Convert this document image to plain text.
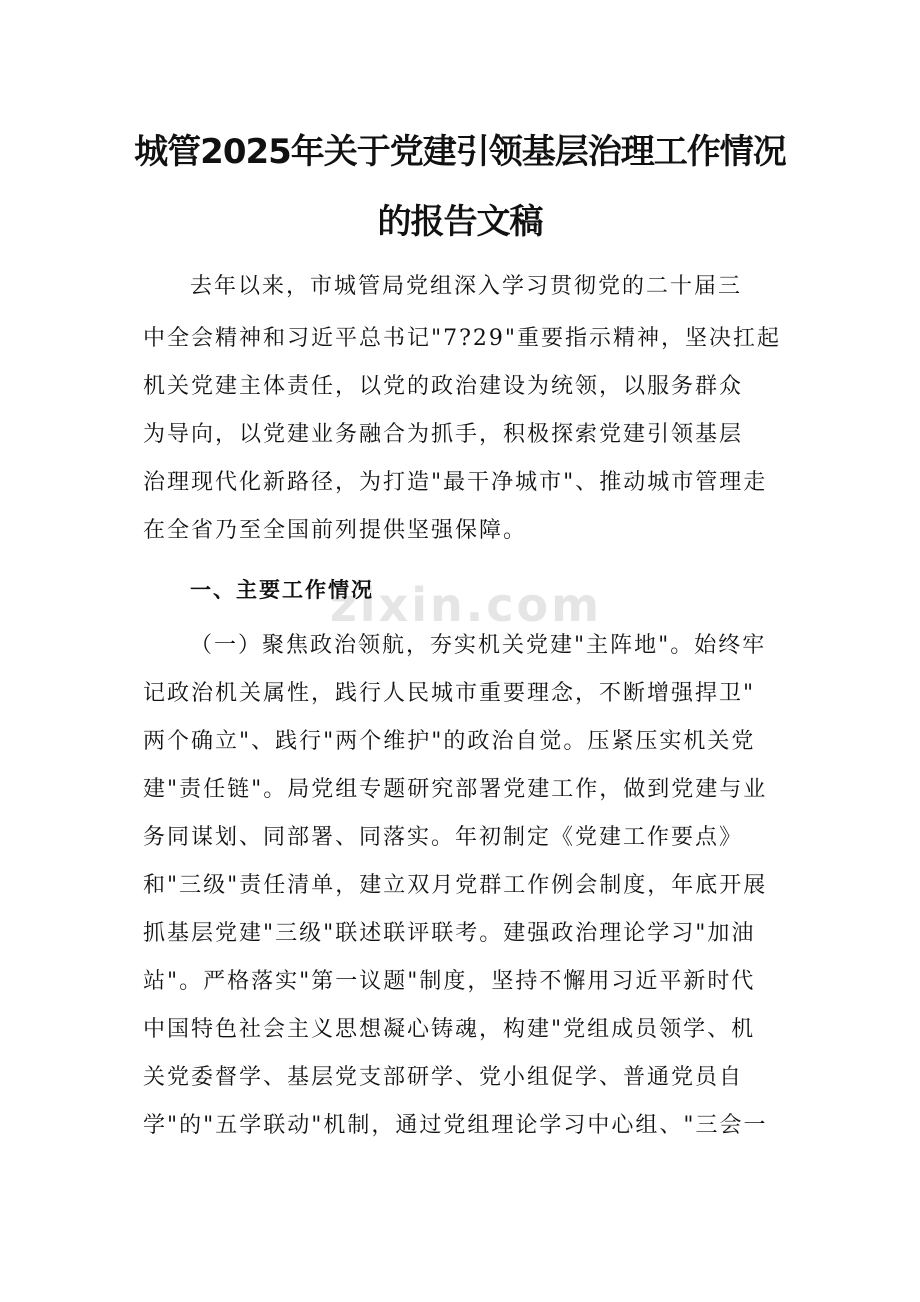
zixin.com
城管2025年关于党建引领基层治理工作情况
的报告文稿

去年以来，市城管局党组深入学习贯彻党的二十届三

中全会精神和习近平总书记"7?29"重要指示精神，坚决扛起

机关党建主体责任，以党的政治建设为统领，以服务群众

为导向，以党建业务融合为抓手，积极探索党建引领基层

治理现代化新路径，为打造"最干净城市"、推动城市管理走

在全省乃至全国前列提供坚强保障。

一、主要工作情况

（一）聚焦政治领航，夯实机关党建"主阵地"。始终牢

记政治机关属性，践行人民城市重要理念，不断增强捍卫"

两个确立"、践行"两个维护"的政治自觉。压紧压实机关党

建"责任链"。局党组专题研究部署党建工作，做到党建与业

务同谋划、同部署、同落实。年初制定《党建工作要点》

和"三级"责任清单，建立双月党群工作例会制度，年底开展

抓基层党建"三级"联述联评联考。建强政治理论学习"加油

站"。严格落实"第一议题"制度，坚持不懈用习近平新时代

中国特色社会主义思想凝心铸魂，构建"党组成员领学、机

关党委督学、基层党支部研学、党小组促学、普通党员自

学"的"五学联动"机制，通过党组理论学习中心组、"三会一
